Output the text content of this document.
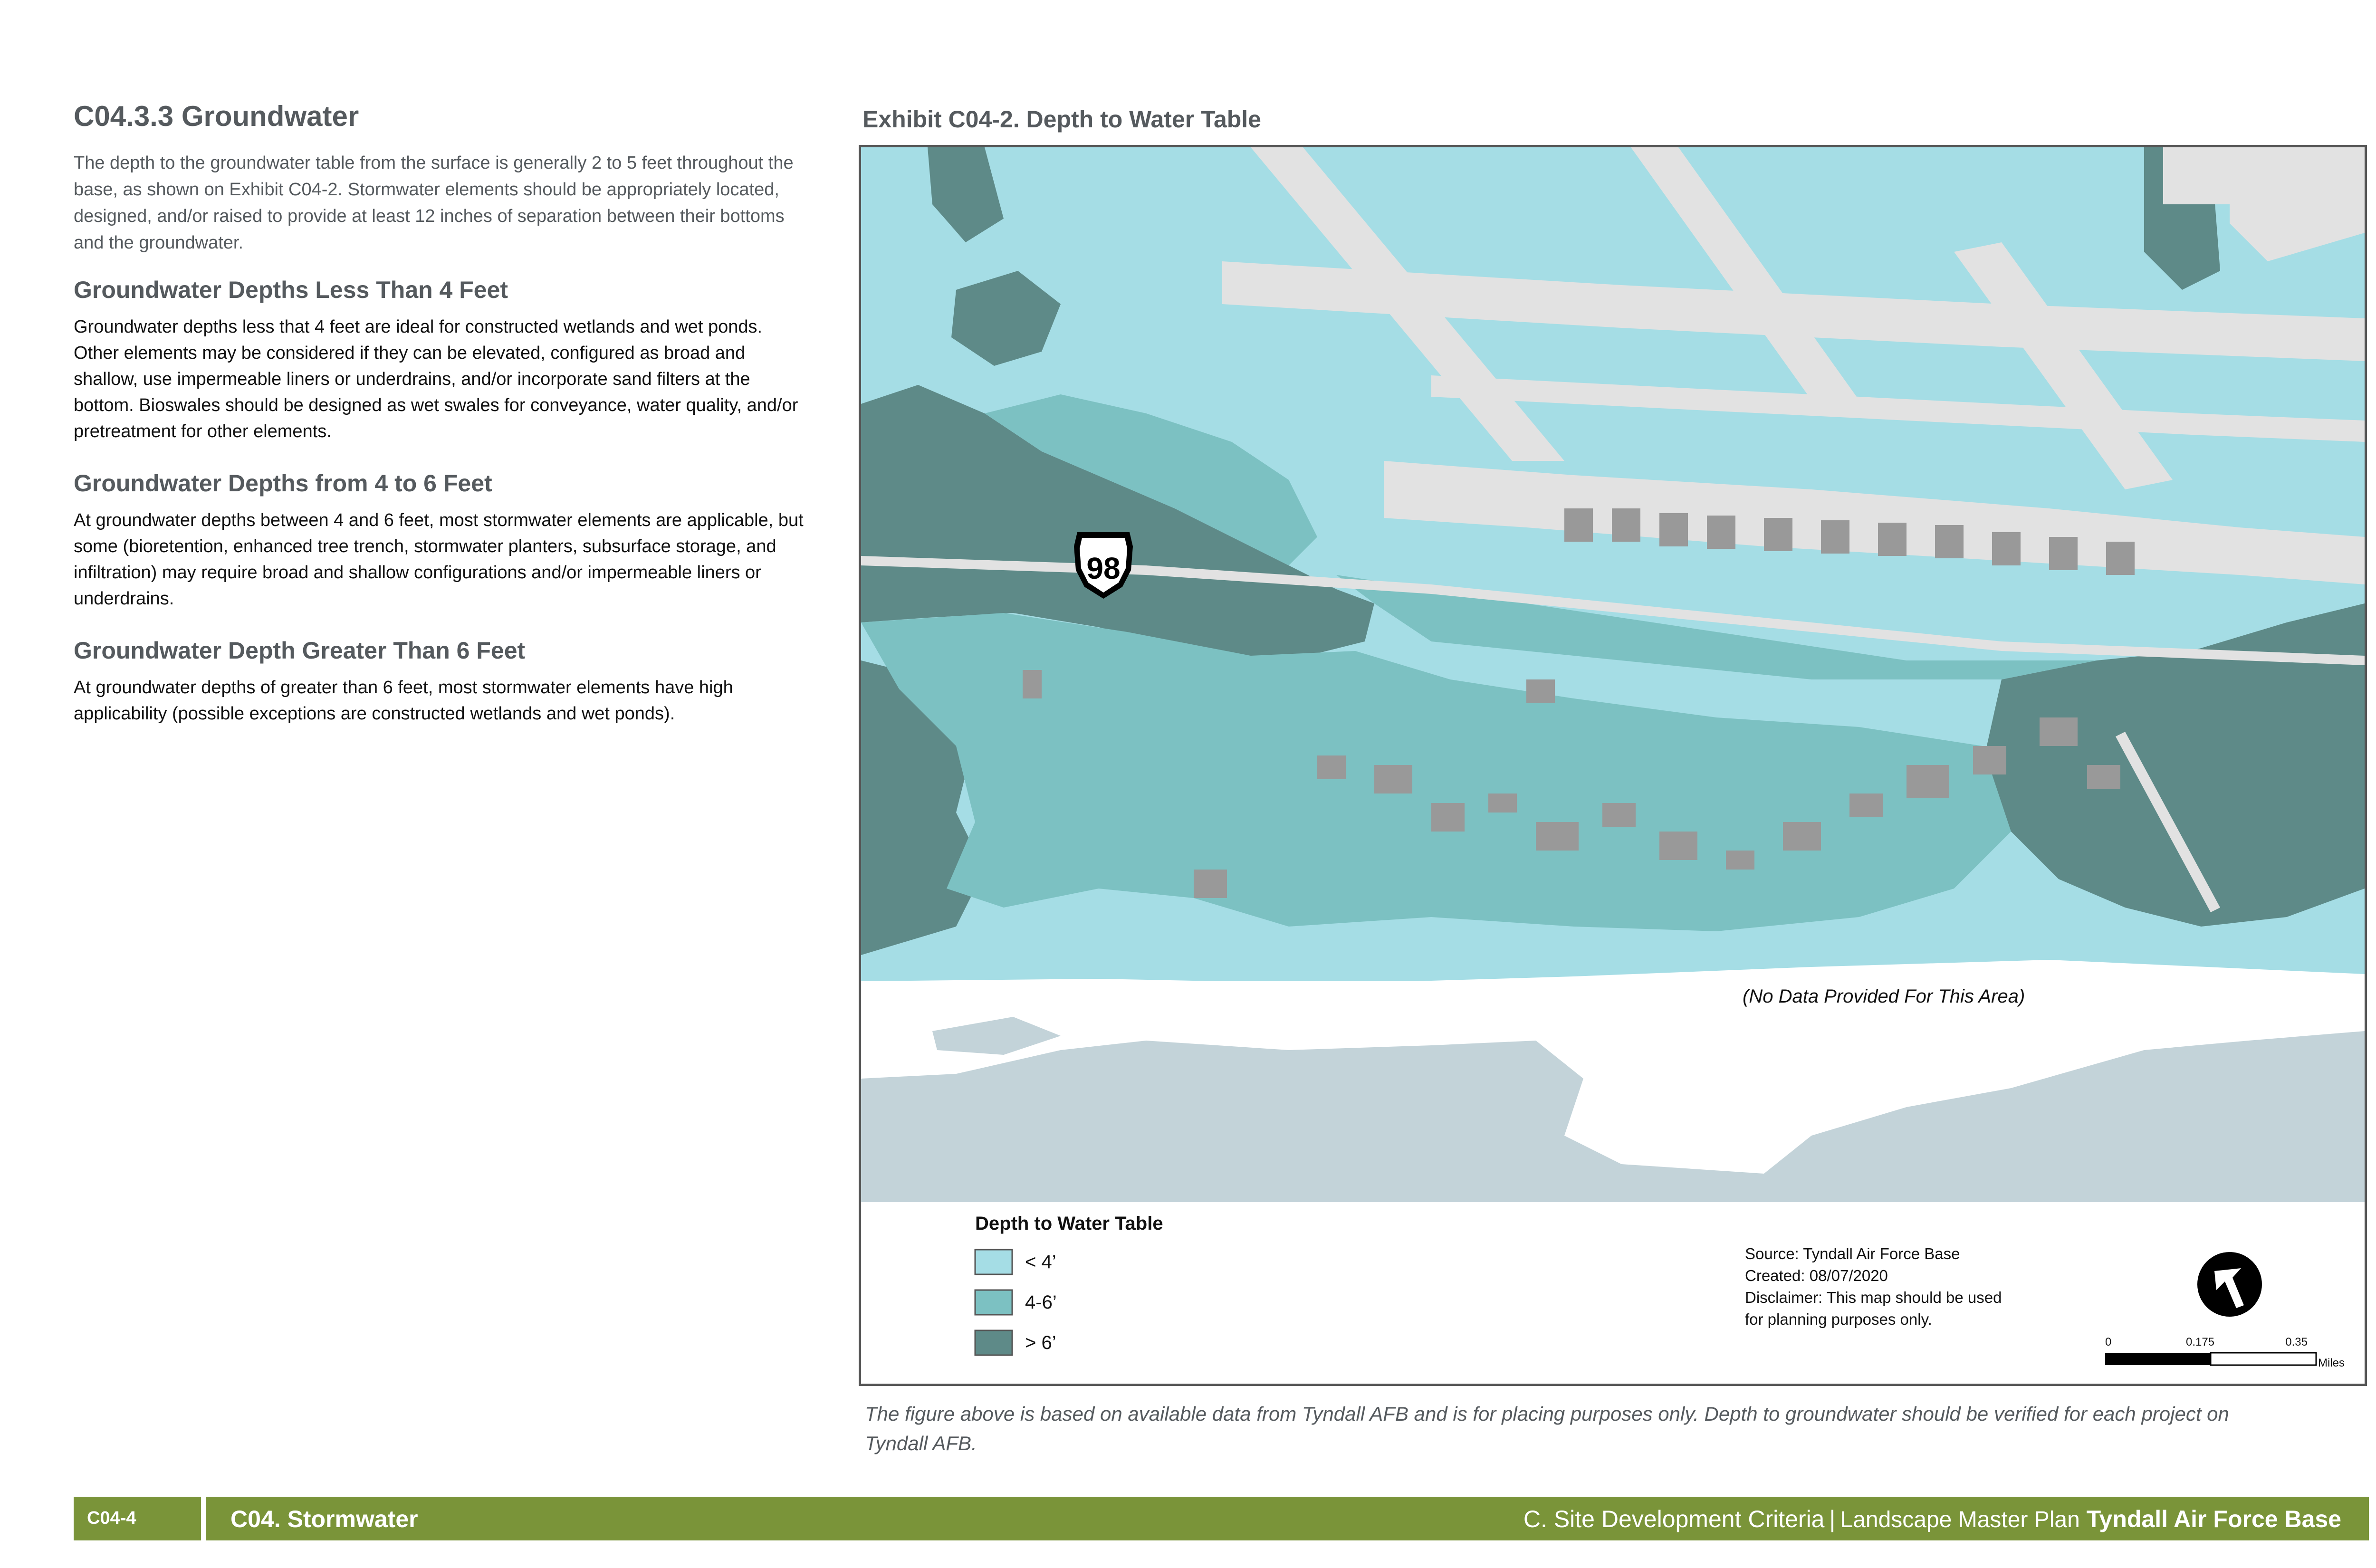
C04.3.3 Groundwater

The depth to the groundwater table from the surface is generally 2 to 5 feet throughout the base, as shown on Exhibit C04-2. Stormwater elements should be appropriately located, designed, and/or raised to provide at least 12 inches of separation between their bottoms and the groundwater.

Groundwater Depths Less Than 4 Feet

Groundwater depths less that 4 feet are ideal for constructed wetlands and wet ponds. Other elements may be considered if they can be elevated, configured as broad and shallow, use impermeable liners or underdrains, and/or incorporate sand filters at the bottom. Bioswales should be designed as wet swales for conveyance, water quality, and/or pretreatment for other elements.

Groundwater Depths from 4 to 6 Feet

At groundwater depths between 4 and 6 feet, most stormwater elements are applicable, but some (bioretention, enhanced tree trench, stormwater planters, subsurface storage, and infiltration) may require broad and shallow configurations and/or impermeable liners or underdrains.

Groundwater Depth Greater Than 6 Feet

At groundwater depths of greater than 6 feet, most stormwater elements have high applicability (possible exceptions are constructed wetlands and wet ponds).

Exhibit C04-2. Depth to Water Table
98
(No Data Provided For This Area)
Depth to Water Table
< 4’
4-6’
> 6’
Source: Tyndall Air Force Base
Created: 08/07/2020
Disclaimer: This map should be used
for planning purposes only.
0	0.175	0.35
Miles
The figure above is based on available data from Tyndall AFB and is for placing purposes only. Depth to groundwater should be verified for each project on Tyndall AFB.
C04-4	C04. Stormwater	C. Site Development Criteria | Landscape Master Plan Tyndall Air Force Base
